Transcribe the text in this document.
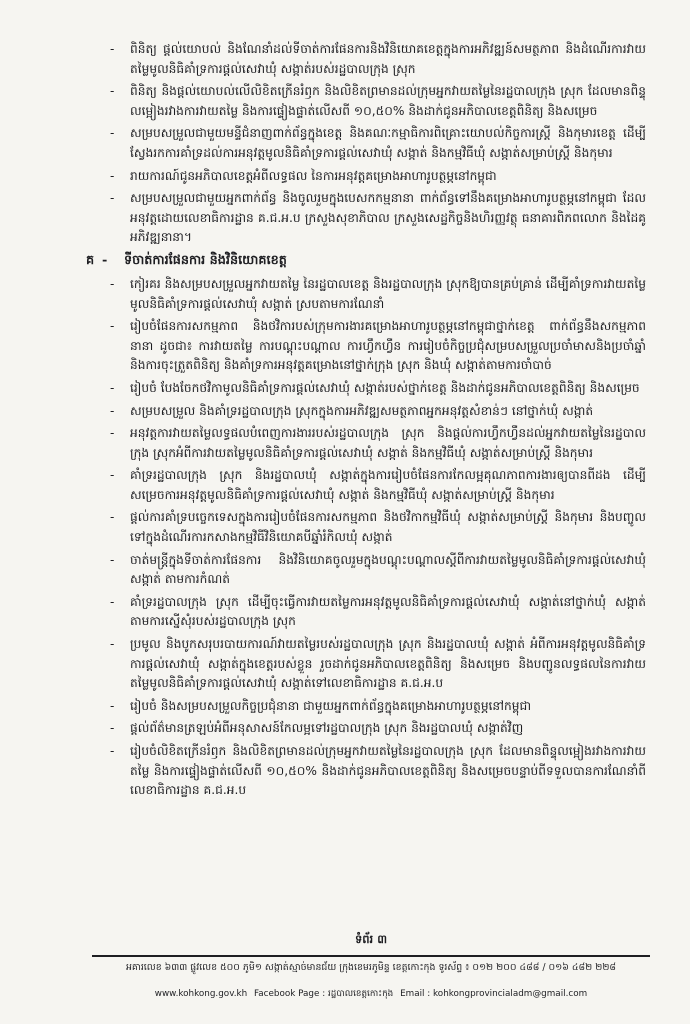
- ពិនិត្យ ផ្ដល់យោបល់ និងណែនាំដល់ទីចាត់ការផែនការនិងវិនិយោគខេត្តក្នុងការអភិវឌ្ឍន៍សមត្ថភាព និងដំណើរការវាយតម្លៃមូលនិធិគាំទ្រការផ្តល់សេវាឃុំ សង្កាត់របស់រដ្ឋបាលក្រុង ស្រុក
- ពិនិត្យ និងផ្ដល់យោបល់លើលិខិតក្រើនរំឭក និងលិខិតព្រមានដល់ក្រុមអ្នកវាយតម្លៃនៃរដ្ឋបាលក្រុង ស្រុក ដែលមានពិន្ទុលម្អៀងរវាងការវាយតម្លៃ និងការផ្ទៀងផ្ទាត់លើសពី ១០,៥០% និងដាក់ជូនអភិបាលខេត្តពិនិត្យ និងសម្រេច
- សម្របសម្រួលជាមួយមន្ទីជំនាញពាក់ព័ន្ធក្នុងខេត្ត និងគណៈកម្មាធិការពិគ្រោះយោបល់កិច្ចការស្ត្រី និងកុមារខេត្ត ដើម្បីស្វែងរកការគាំទ្រដល់ការអនុវត្តមូលនិធិគាំទ្រការផ្តល់សេវាឃុំ សង្កាត់ និងកម្មវិធីឃុំ សង្កាត់សម្រាប់ស្ត្រី និងកុមារ
- រាយការណ៍ជូនអភិបាលខេត្តអំពីលទ្ធផល នៃការអនុវត្តគម្រោងអាហារូបត្ថម្ភនៅកម្ពុជា
- សម្របសម្រួលជាមួយអ្នកពាក់ព័ន្ធ និងចូលរួមក្នុងបេសកកម្មនានា ពាក់ព័ន្ធទៅនឹងគម្រោងអាហារូបត្ថម្ភនៅកម្ពុជា ដែលអនុវត្តដោយលេខាធិការដ្ឋាន គ.ជ.អ.ប ក្រសួងសុខាភិបាល ក្រសួងសេដ្ឋកិច្ចនិងហិរញ្ញវត្ថុ ធនាគារពិភពលោក និងដៃគូអភិវឌ្ឍនានា។
គ - ទីចាត់ការផែនការ និងវិនិយោគខេត្ត
- កៀរគរ និងសម្របសម្រួលអ្នកវាយតម្លៃ នៃរដ្ឋបាលខេត្ត និងរដ្ឋបាលក្រុង ស្រុកឱ្យបានគ្រប់គ្រាន់ ដើម្បីគាំទ្រការវាយតម្លៃមូលនិធិគាំទ្រការផ្តល់សេវាឃុំ សង្កាត់ ស្របតាមការណែនាំ
- រៀបចំផែនការសកម្មភាព និងថវិការបស់ក្រុមការងារគម្រោងអាហារូបត្ថម្ភនៅកម្ពុជាថ្នាក់ខេត្ត ពាក់ព័ន្ធនឹងសកម្មភាពនានា ដូចជា៖ ការវាយតម្លៃ ការបណ្ដុះបណ្ដាល ការហ្វឹកហ្វឺន ការរៀបចំកិច្ចប្រជុំសម្របសម្រួលប្រចាំមាសនិងប្រចាំឆ្នាំ និងការចុះត្រួតពិនិត្យ និងគាំទ្រការអនុវត្តគម្រោងនៅថ្នាក់ក្រុង ស្រុក និងឃុំ សង្កាត់តាមការចាំបាច់
- រៀបចំ បែងចែកថវិកាមូលនិធិគាំទ្រការផ្តល់សេវាឃុំ សង្កាត់របស់ថ្នាក់ខេត្ត និងដាក់ជូនអភិបាលខេត្តពិនិត្យ និងសម្រេច
- សម្របសម្រួល និងគាំទ្ររដ្ឋបាលក្រុង ស្រុកក្នុងការអភិវឌ្ឍសមត្ថភាពអ្នកអនុវត្តសំខាន់ៗ នៅថ្នាក់ឃុំ សង្កាត់
- អនុវត្តការវាយតម្លៃលទ្ធផលបំពេញការងាររបស់រដ្ឋបាលក្រុង ស្រុក និងផ្តល់ការហ្វឹកហ្វឺនដល់អ្នកវាយតម្លៃនៃរដ្ឋបាលក្រុង ស្រុកអំពីការវាយតម្លៃមូលនិធិគាំទ្រការផ្តល់សេវាឃុំ សង្កាត់ និងកម្មវិធីឃុំ សង្កាត់សម្រាប់ស្ត្រី និងកុមារ
- គាំទ្ររដ្ឋបាលក្រុង ស្រុក និងរដ្ឋបាលឃុំ សង្កាត់ក្នុងការរៀបចំផែនការកែលម្អគុណភាពការងារឲ្យបានពីដង ដើម្បីសម្រេចការអនុវត្តមូលនិធិគាំទ្រការផ្តល់សេវាឃុំ សង្កាត់ និងកម្មវិធីឃុំ សង្កាត់សម្រាប់ស្ត្រី និងកុមារ
- ផ្តល់ការគាំទ្របច្ចេកទេសក្នុងការរៀបចំផែនការសកម្មភាព និងថវិកាកម្មវិធីឃុំ សង្កាត់សម្រាប់ស្ត្រី និងកុមារ និងបញ្ចូលទៅក្នុងដំណើរការកសាងកម្មវិធីវិនិយោគបីឆ្នាំរំកិលឃុំ សង្កាត់
- ចាត់មន្ត្រីក្នុងទីចាត់ការផែនការ និងវិនិយោគចូលរួមក្នុងបណ្ដុះបណ្ដាលស្ដីពីការវាយតម្លៃមូលនិធិគាំទ្រការផ្តល់សេវាឃុំ សង្កាត់ តាមការកំណត់
- គាំទ្ររដ្ឋបាលក្រុង ស្រុក ដើម្បីចុះធ្វើការវាយតម្លៃការអនុវត្តមូលនិធិគាំទ្រការផ្តល់សេវាឃុំ សង្កាត់នៅថ្នាក់ឃុំ សង្កាត់ តាមការស្នើសុំរបស់រដ្ឋបាលក្រុង ស្រុក
- ប្រមូល និងបូកសរុបរបាយការណ៍វាយតម្លៃរបស់រដ្ឋបាលក្រុង ស្រុក និងរដ្ឋបាលឃុំ សង្កាត់ អំពីការអនុវត្តមូលនិធិគាំទ្រការផ្តល់សេវាឃុំ សង្កាត់ក្នុងខេត្តរបស់ខ្លួន រួចដាក់ជូនអភិបាលខេត្តពិនិត្យ និងសម្រេច និងបញ្ជូនលទ្ធផលនៃការវាយតម្លៃមូលនិធិគាំទ្រការផ្តល់សេវាឃុំ សង្កាត់ទៅលេខាធិការដ្ឋាន គ.ជ.អ.ប
- រៀបចំ និងសម្របសម្រួលកិច្ចប្រជុំនានា ជាមួយអ្នកពាក់ព័ន្ធក្នុងគម្រោងអាហារូបត្ថម្ភនៅកម្ពុជា
- ផ្តល់ព័ត៌មានត្រឡប់អំពីអនុសាសន៍កែលម្អទៅរដ្ឋបាលក្រុង ស្រុក និងរដ្ឋបាលឃុំ សង្កាត់វិញ
- រៀបចំលិខិតក្រើនរំឭក និងលិខិតព្រមានដល់ក្រុមអ្នកវាយតម្លៃនៃរដ្ឋបាលក្រុង ស្រុក ដែលមានពិន្ទុលម្អៀងរវាងការវាយតម្លៃ និងការផ្ទៀងផ្ទាត់លើសពី ១០,៥០% និងដាក់ជូនអភិបាលខេត្តពិនិត្យ និងសម្រេចបន្ទាប់ពីទទួលបានការណែនាំពីលេខាធិការដ្ឋាន គ.ជ.អ.ប
ទំព័រ ៣
អគារលេខ ៦៣៣ ផ្លូវលេខ ៥០០ ភូមិ១ សង្កាត់ស្មាច់មានជ័យ ក្រុងខេមរភូមិន្ទ ខេត្តកោះកុង ទូរស័ព្ទ ៖ ០១២ ២០០ ៤៨៨ / ០១៦ ៤៨២ ២២៨
www.kohkong.gov.kh Facebook Page : រដ្ឋបាលខេត្តកោះកុង Email : kohkongprovincialadm@gmail.com
